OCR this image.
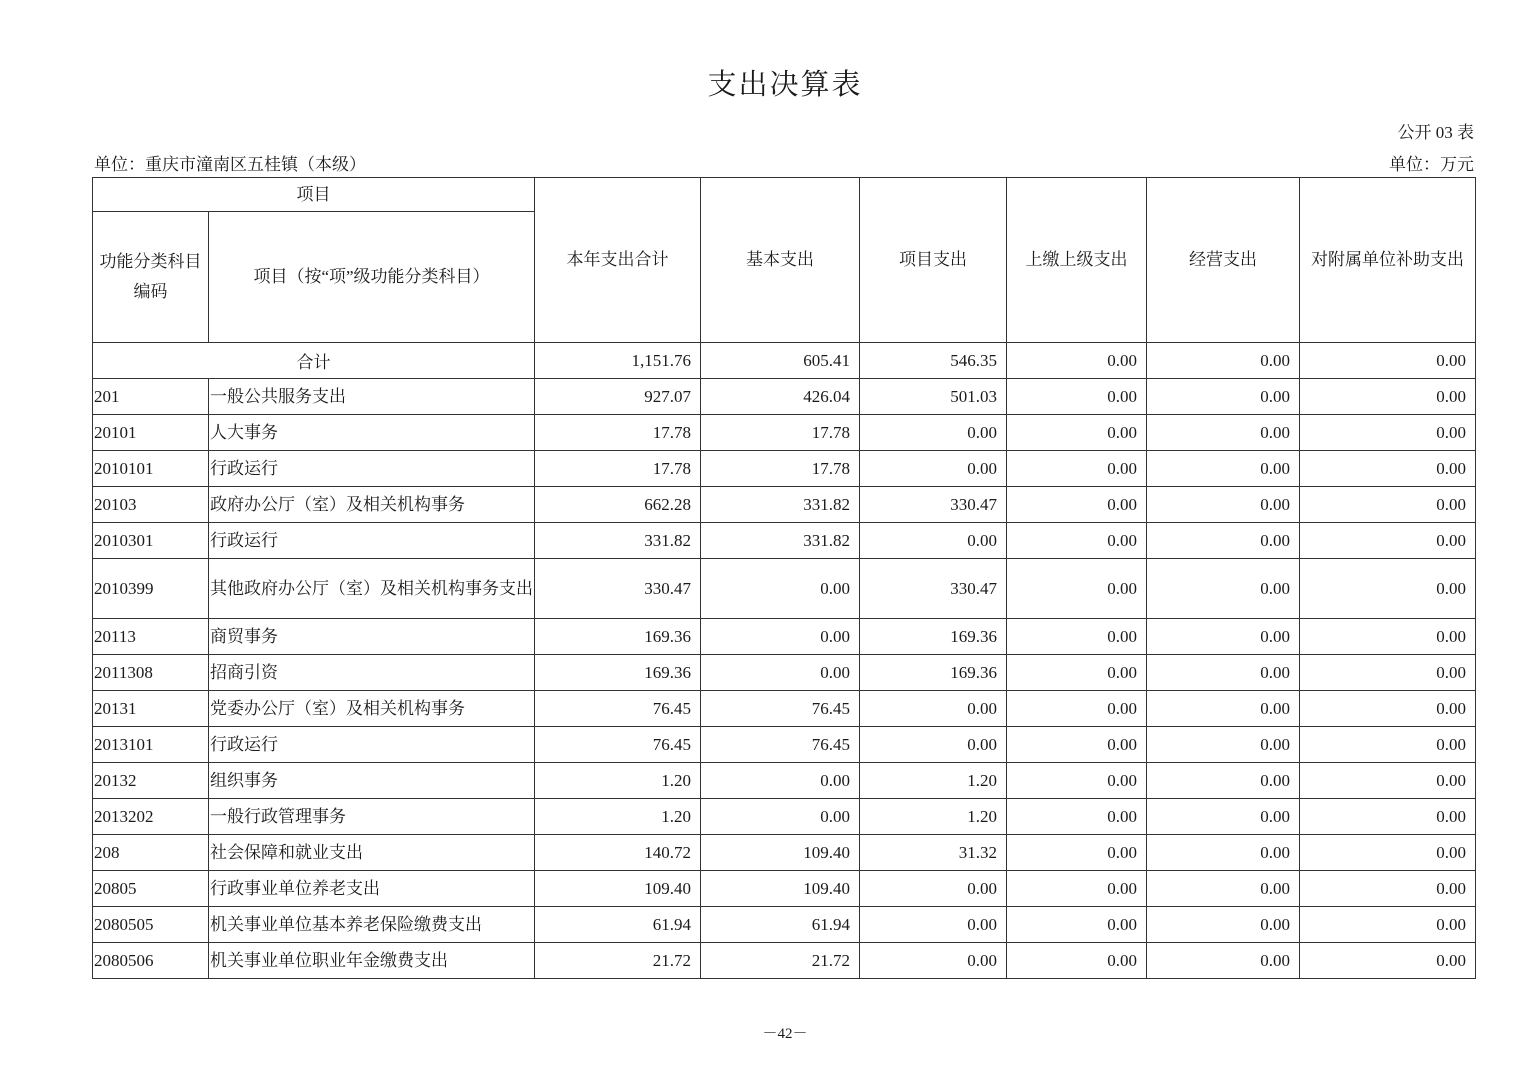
支出决算表
公开 03 表
单位：重庆市潼南区五桂镇（本级）	单位：万元
项目		本年支出合计	基本支出	项目支出	上缴上级支出	经营支出	对附属单位补助支出
功能分类科目编码	项目（按“项”级功能分类科目）						
合计		1,151.76	605.41	546.35	0.00	0.00	0.00
201	一般公共服务支出	927.07	426.04	501.03	0.00	0.00	0.00
20101	人大事务	17.78	17.78	0.00	0.00	0.00	0.00
2010101	行政运行	17.78	17.78	0.00	0.00	0.00	0.00
20103	政府办公厅（室）及相关机构事务	662.28	331.82	330.47	0.00	0.00	0.00
2010301	行政运行	331.82	331.82	0.00	0.00	0.00	0.00
2010399	其他政府办公厅（室）及相关机构事务支出	330.47	0.00	330.47	0.00	0.00	0.00
20113	商贸事务	169.36	0.00	169.36	0.00	0.00	0.00
2011308	招商引资	169.36	0.00	169.36	0.00	0.00	0.00
20131	党委办公厅（室）及相关机构事务	76.45	76.45	0.00	0.00	0.00	0.00
2013101	行政运行	76.45	76.45	0.00	0.00	0.00	0.00
20132	组织事务	1.20	0.00	1.20	0.00	0.00	0.00
2013202	一般行政管理事务	1.20	0.00	1.20	0.00	0.00	0.00
208	社会保障和就业支出	140.72	109.40	31.32	0.00	0.00	0.00
20805	行政事业单位养老支出	109.40	109.40	0.00	0.00	0.00	0.00
2080505	机关事业单位基本养老保险缴费支出	61.94	61.94	0.00	0.00	0.00	0.00
2080506	机关事业单位职业年金缴费支出	21.72	21.72	0.00	0.00	0.00	0.00
－42－
